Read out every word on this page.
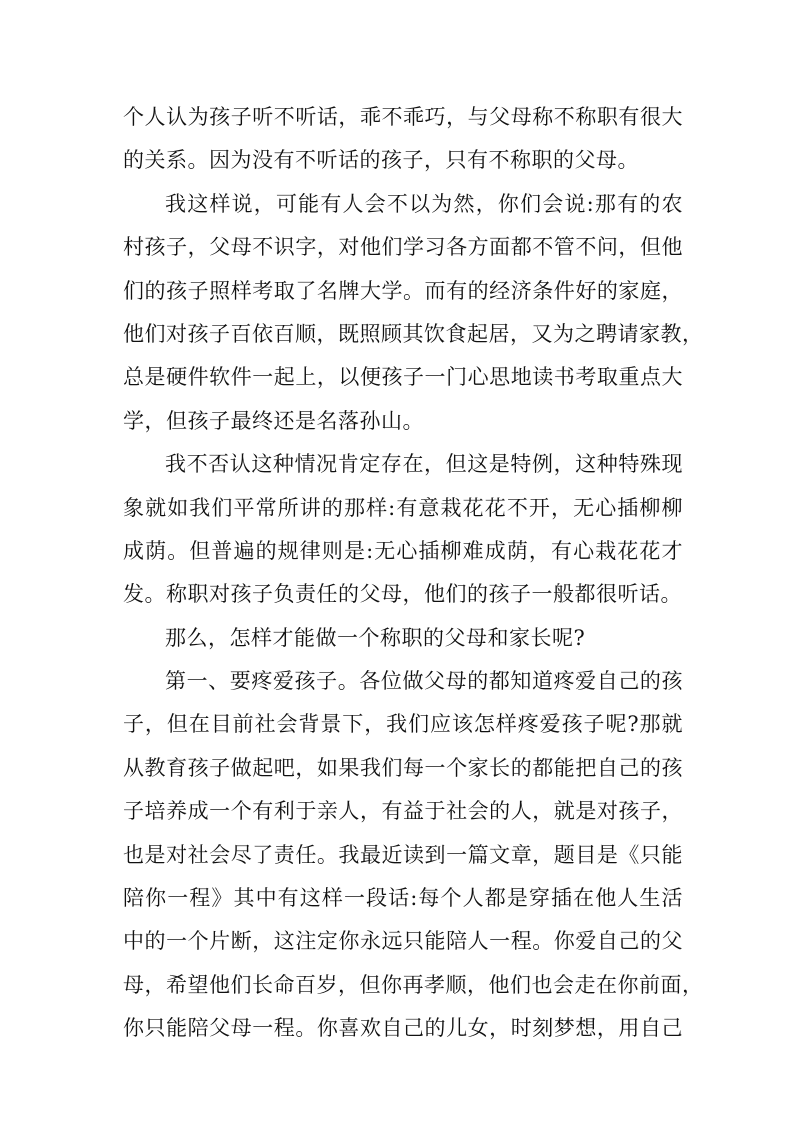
个人认为孩子听不听话，乖不乖巧，与父母称不称职有很大
的关系。因为没有不听话的孩子，只有不称职的父母。
我这样说，可能有人会不以为然，你们会说:那有的农
村孩子，父母不识字，对他们学习各方面都不管不问，但他
们的孩子照样考取了名牌大学。而有的经济条件好的家庭，
他们对孩子百依百顺，既照顾其饮食起居，又为之聘请家教，
总是硬件软件一起上，以便孩子一门心思地读书考取重点大
学，但孩子最终还是名落孙山。
我不否认这种情况肯定存在，但这是特例，这种特殊现
象就如我们平常所讲的那样:有意栽花花不开，无心插柳柳
成荫。但普遍的规律则是:无心插柳难成荫，有心栽花花才
发。称职对孩子负责任的父母，他们的孩子一般都很听话。
那么，怎样才能做一个称职的父母和家长呢?
第一、要疼爱孩子。各位做父母的都知道疼爱自己的孩
子，但在目前社会背景下，我们应该怎样疼爱孩子呢?那就
从教育孩子做起吧，如果我们每一个家长的都能把自己的孩
子培养成一个有利于亲人，有益于社会的人，就是对孩子，
也是对社会尽了责任。我最近读到一篇文章，题目是《只能
陪你一程》其中有这样一段话:每个人都是穿插在他人生活
中的一个片断，这注定你永远只能陪人一程。你爱自己的父
母，希望他们长命百岁，但你再孝顺，他们也会走在你前面，
你只能陪父母一程。你喜欢自己的儿女，时刻梦想，用自己
